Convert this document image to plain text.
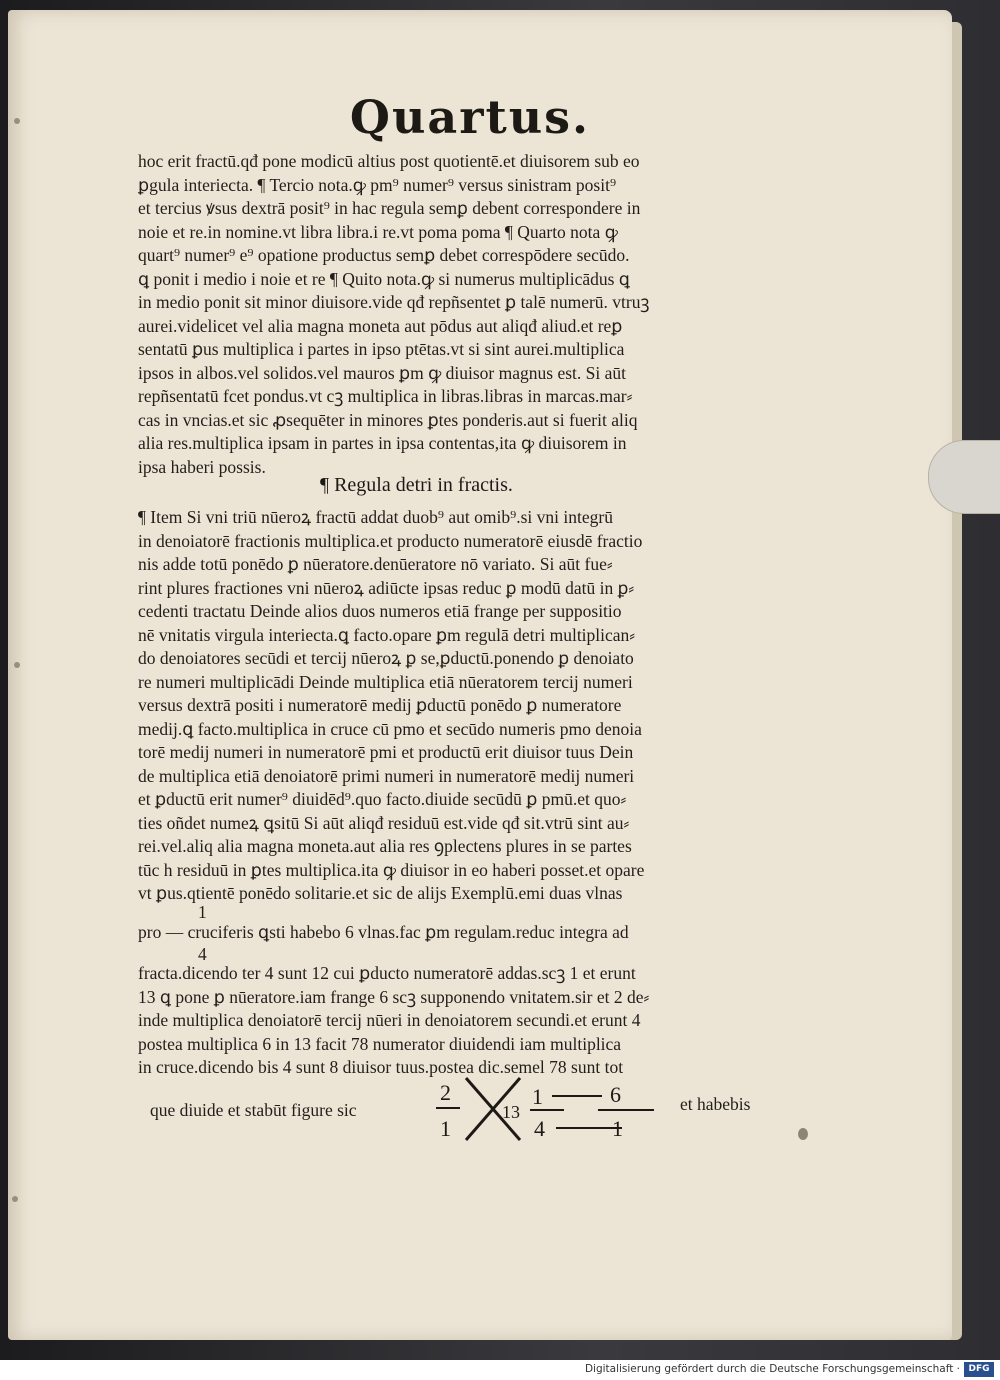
Quartus.
hoc erit fractū.qđ pone modicū altius post quotientē.et diuisorem sub eo
ꝑgula interiecta. ¶ Tercio nota.ꝙ pm⁹ numer⁹ versus sinistram posit⁹
et tercius ꝟsus dextrā posit⁹ in hac regula semꝑ debent correspondere in
noie et re.in nomine.vt libra libra.i re.vt poma poma ¶ Quarto nota ꝙ
quart⁹ numer⁹ e⁹ opatione productus semꝑ debet correspōdere secūdo.
ꝗ ponit i medio i noie et re ¶ Quito nota.ꝙ si numerus multiplicādus ꝗ
in medio ponit sit minor diuisore.vide qđ repñsentet ꝑ talē numerū. vtruꝫ
aurei.videlicet vel alia magna moneta aut pōdus aut aliqđ aliud.et reꝑ
sentatū ꝑus multiplica i partes in ipso ptētas.vt si sint aurei.multiplica
ipsos in albos.vel solidos.vel mauros ꝑm ꝙ diuisor magnus est. Si aūt
repñsentatū fcet pondus.vt cꝫ multiplica in libras.libras in marcas.mar⸗
cas in vncias.et sic ꝓsequēter in minores ꝑtes ponderis.aut si fuerit aliq
alia res.multiplica ipsam in partes in ipsa contentas,ita ꝙ diuisorem in
ipsa haberi possis.
¶ Regula detri in fractis.
¶ Item Si vni triū nūeroꝝ fractū addat duob⁹ aut omib⁹.si vni integrū
in denoiatorē fractionis multiplica.et producto numeratorē eiusdē fractio
nis adde totū ponēdo ꝑ nūeratore.denūeratore nō variato. Si aūt fue⸗
rint plures fractiones vni nūeroꝝ adiūcte ipsas reduc ꝑ modū datū in ꝑ⸗
cedenti tractatu Deinde alios duos numeros etiā frange per suppositio
nē vnitatis virgula interiecta.ꝗ facto.opare ꝑm regulā detri multiplican⸗
do denoiatores secūdi et tercij nūeroꝝ ꝑ se,ꝑductū.ponendo ꝑ denoiato
re numeri multiplicādi Deinde multiplica etiā nūeratorem tercij numeri
versus dextrā positi i numeratorē medij ꝑductū ponēdo ꝑ numeratore
medij.ꝗ facto.multiplica in cruce cū pmo et secūdo numeris pmo denoia
torē medij numeri in numeratorē pmi et productū erit diuisor tuus Dein
de multiplica etiā denoiatorē primi numeri in numeratorē medij numeri
et ꝑductū erit numer⁹ diuidēd⁹.quo facto.diuide secūdū ꝑ pmū.et quo⸗
ties oñdet numeꝝ ꝗsitū Si aūt aliqđ residuū est.vide qđ sit.vtrū sint au⸗
rei.vel.aliq alia magna moneta.aut alia res ꝯplectens plures in se partes
tūc h residuū in ꝑtes multiplica.ita ꝙ diuisor in eo haberi posset.et opare
vt ꝑus.qtientē ponēdo solitarie.et sic de alijs Exemplū.emi duas vlnas
1
pro — cruciferis ꝗsti habebo 6 vlnas.fac ꝑm regulam.reduc integra ad
4
fracta.dicendo ter 4 sunt 12 cui ꝑducto numeratorē addas.scꝫ 1 et erunt
13 ꝗ pone ꝑ nūeratore.iam frange 6 scꝫ supponendo vnitatem.sir et 2 de⸗
inde multiplica denoiatorē tercij nūeri in denoiatorem secundi.et erunt 4
postea multiplica 6 in 13 facit 78 numerator diuidendi iam multiplica
in cruce.dicendo bis 4 sunt 8 diuisor tuus.postea dic.semel 78 sunt tot
que diuide et stabūt figure sic
2
1
13
1
4
6
1
et habebis
Digitalisierung gefördert durch die Deutsche Forschungsgemeinschaft · DFG
